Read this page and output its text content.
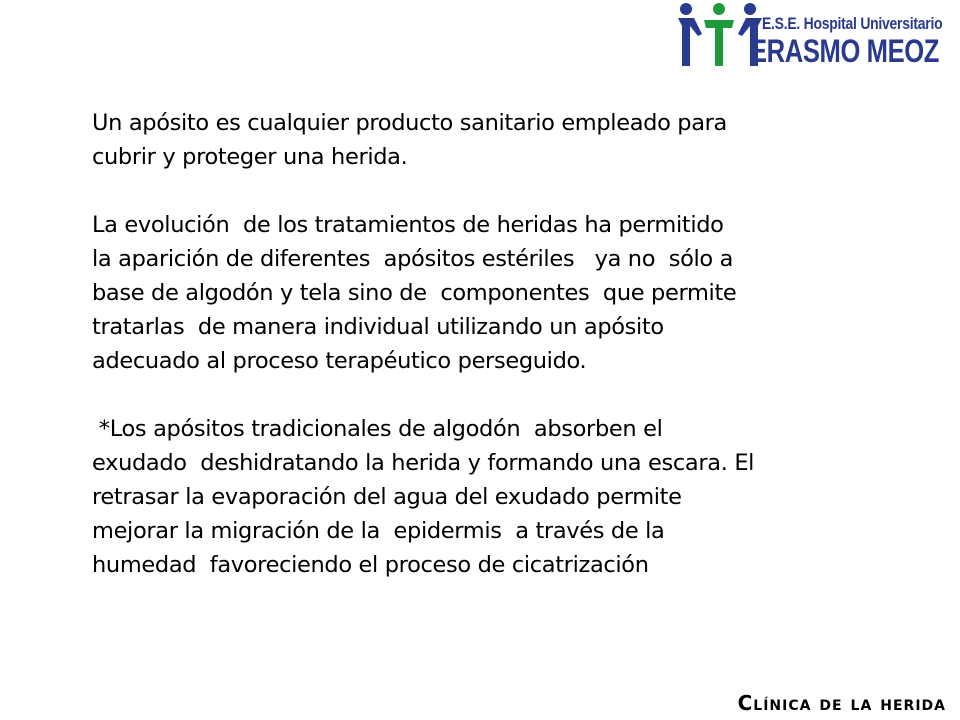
E.S.E. Hospital Universitario
ERASMO MEOZ

Un apósito es cualquier producto sanitario empleado para

cubrir y proteger una herida.

La evolución  de los tratamientos de heridas ha permitido

la aparición de diferentes  apósitos estériles   ya no  sólo a

base de algodón y tela sino de  componentes  que permite

tratarlas  de manera individual utilizando un apósito

adecuado al proceso terapéutico perseguido.

*Los apósitos tradicionales de algodón  absorben el

exudado  deshidratando la herida y formando una escara. El

retrasar la evaporación del agua del exudado permite

mejorar la migración de la  epidermis  a través de la

humedad  favoreciendo el proceso de cicatrización

Clínica de la herida
